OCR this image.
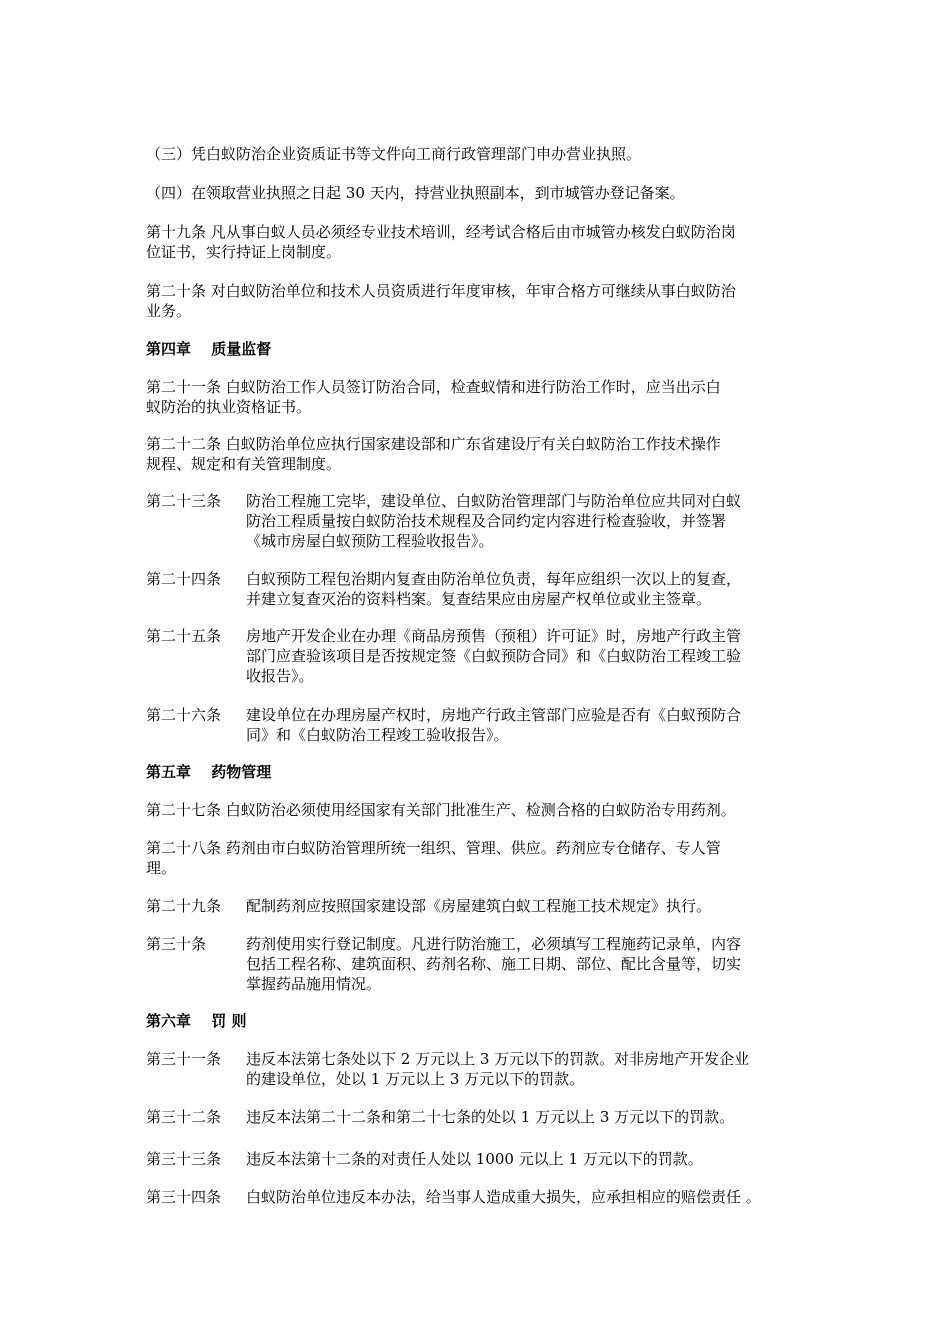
（三）凭白蚁防治企业资质证书等文件向工商行政管理部门申办营业执照。
（四）在领取营业执照之日起 30 天内，持营业执照副本，到市城管办登记备案。
第十九条 凡从事白蚁人员必须经专业技术培训，经考试合格后由市城管办核发白蚁防治岗
位证书，实行持证上岗制度。
第二十条 对白蚁防治单位和技术人员资质进行年度审核，年审合格方可继续从事白蚁防治
业务。
第四章　 质量监督
第二十一条 白蚁防治工作人员签订防治合同，检查蚁情和进行防治工作时，应当出示白
蚁防治的执业资格证书。
第二十二条 白蚁防治单位应执行国家建设部和广东省建设厅有关白蚁防治工作技术操作
规程、规定和有关管理制度。
第二十三条 防治工程施工完毕，建设单位、白蚁防治管理部门与防治单位应共同对白蚁
防治工程质量按白蚁防治技术规程及合同约定内容进行检查验收，并签署
《城市房屋白蚁预防工程验收报告》。
第二十四条 白蚁预防工程包治期内复查由防治单位负责，每年应组织一次以上的复查，
并建立复查灭治的资料档案。复查结果应由房屋产权单位或业主签章。
第二十五条 房地产开发企业在办理《商品房预售（预租）许可证》时，房地产行政主管
部门应查验该项目是否按规定签《白蚁预防合同》和《白蚁防治工程竣工验
收报告》。
第二十六条 建设单位在办理房屋产权时，房地产行政主管部门应验是否有《白蚁预防合
同》和《白蚁防治工程竣工验收报告》。
第五章　 药物管理
第二十七条 白蚁防治必须使用经国家有关部门批准生产、检测合格的白蚁防治专用药剂。
第二十八条 药剂由市白蚁防治管理所统一组织、管理、供应。药剂应专仓储存、专人管
理。
第二十九条 配制药剂应按照国家建设部《房屋建筑白蚁工程施工技术规定》执行。
第三十条	药剂使用实行登记制度。凡进行防治施工，必须填写工程施药记录单，内容
包括工程名称、建筑面积、药剂名称、施工日期、部位、配比含量等，切实
掌握药品施用情况。
第六章　 罚 则
第三十一条 违反本法第七条处以下 2 万元以上 3 万元以下的罚款。对非房地产开发企业
的建设单位，处以 1 万元以上 3 万元以下的罚款。
第三十二条 违反本法第二十二条和第二十七条的处以 1 万元以上 3 万元以下的罚款。
第三十三条 违反本法第十二条的对责任人处以 1000 元以上 1 万元以下的罚款。
第三十四条 白蚁防治单位违反本办法，给当事人造成重大损失，应承担相应的赔偿责任 。
